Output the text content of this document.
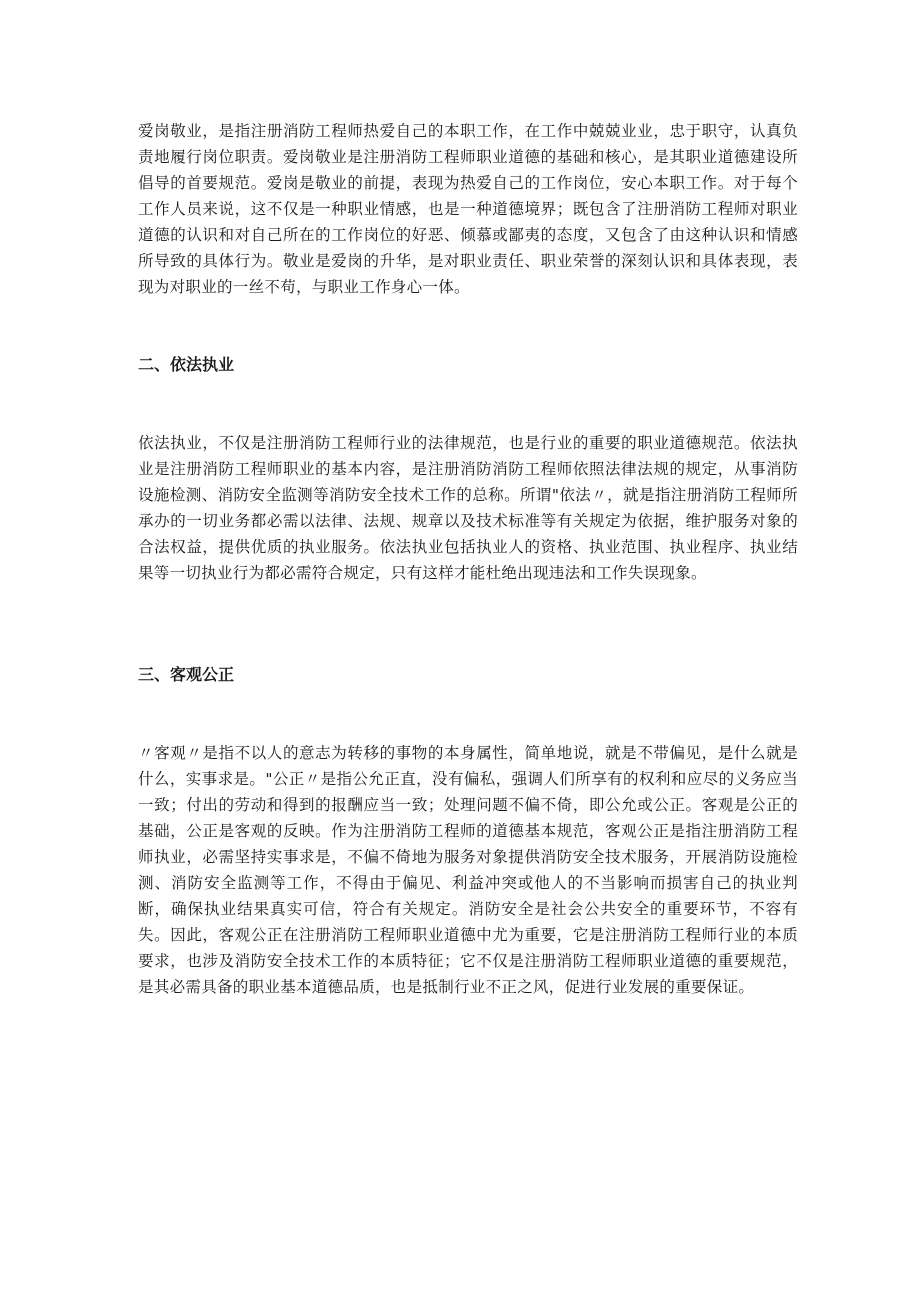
爱岗敬业，是指注册消防工程师热爱自己的本职工作，在工作中兢兢业业，忠于职守，认真负责地履行岗位职责。爱岗敬业是注册消防工程师职业道德的基础和核心，是其职业道德建设所倡导的首要规范。爱岗是敬业的前提，表现为热爱自己的工作岗位，安心本职工作。对于每个工作人员来说，这不仅是一种职业情感，也是一种道德境界；既包含了注册消防工程师对职业道德的认识和对自己所在的工作岗位的好恶、倾慕或鄙夷的态度，又包含了由这种认识和情感所导致的具体行为。敬业是爱岗的升华，是对职业责任、职业荣誉的深刻认识和具体表现，表现为对职业的一丝不苟，与职业工作身心一体。

二、依法执业

依法执业，不仅是注册消防工程师行业的法律规范，也是行业的重要的职业道德规范。依法执业是注册消防工程师职业的基本内容，是注册消防消防工程师依照法律法规的规定，从事消防设施检测、消防安全监测等消防安全技术工作的总称。所谓"依法〃，就是指注册消防工程师所承办的一切业务都必需以法律、法规、规章以及技术标准等有关规定为依据，维护服务对象的合法权益，提供优质的执业服务。依法执业包括执业人的资格、执业范围、执业程序、执业结果等一切执业行为都必需符合规定，只有这样才能杜绝出现违法和工作失误现象。

三、客观公正

〃客观〃是指不以人的意志为转移的事物的本身属性，简单地说，就是不带偏见，是什么就是什么，实事求是。"公正〃是指公允正直，没有偏私，强调人们所享有的权利和应尽的义务应当一致；付出的劳动和得到的报酬应当一致；处理问题不偏不倚，即公允或公正。客观是公正的基础，公正是客观的反映。作为注册消防工程师的道德基本规范，客观公正是指注册消防工程师执业，必需坚持实事求是，不偏不倚地为服务对象提供消防安全技术服务，开展消防设施检测、消防安全监测等工作，不得由于偏见、利益冲突或他人的不当影响而损害自己的执业判断，确保执业结果真实可信，符合有关规定。消防安全是社会公共安全的重要环节，不容有失。因此，客观公正在注册消防工程师职业道德中尤为重要，它是注册消防工程师行业的本质要求，也涉及消防安全技术工作的本质特征；它不仅是注册消防工程师职业道德的重要规范，是其必需具备的职业基本道德品质，也是抵制行业不正之风，促进行业发展的重要保证。
